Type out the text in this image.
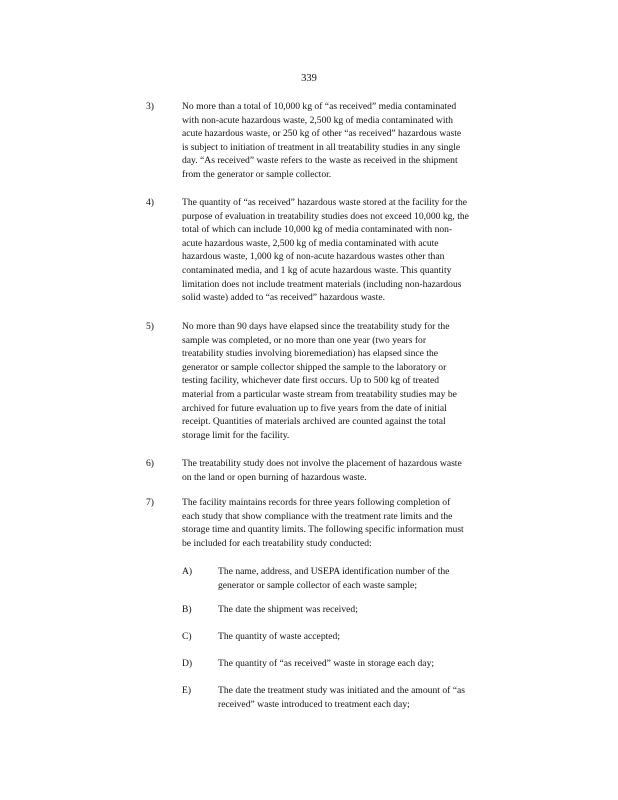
339
3)	No more than a total of 10,000 kg of “as received” media contaminated
with non-acute hazardous waste, 2,500 kg of media contaminated with
acute hazardous waste, or 250 kg of other “as received” hazardous waste
is subject to initiation of treatment in all treatability studies in any single
day. “As received” waste refers to the waste as received in the shipment
from the generator or sample collector.
4)	The quantity of “as received” hazardous waste stored at the facility for the
purpose of evaluation in treatability studies does not exceed 10,000 kg, the
total of which can include 10,000 kg of media contaminated with non-
acute hazardous waste, 2,500 kg of media contaminated with acute
hazardous waste, 1,000 kg of non-acute hazardous wastes other than
contaminated media, and 1 kg of acute hazardous waste. This quantity
limitation does not include treatment materials (including non-hazardous
solid waste) added to “as received” hazardous waste.
5)	No more than 90 days have elapsed since the treatability study for the
sample was completed, or no more than one year (two years for
treatability studies involving bioremediation) has elapsed since the
generator or sample collector shipped the sample to the laboratory or
testing facility, whichever date first occurs. Up to 500 kg of treated
material from a particular waste stream from treatability studies may be
archived for future evaluation up to five years from the date of initial
receipt. Quantities of materials archived are counted against the total
storage limit for the facility.
6)	The treatability study does not involve the placement of hazardous waste
on the land or open burning of hazardous waste.
7)	The facility maintains records for three years following completion of
each study that show compliance with the treatment rate limits and the
storage time and quantity limits. The following specific information must
be included for each treatability study conducted:
A)	The name, address, and USEPA identification number of the
generator or sample collector of each waste sample;
B)	The date the shipment was received;
C)	The quantity of waste accepted;
D)	The quantity of “as received” waste in storage each day;
E)	The date the treatment study was initiated and the amount of “as
received” waste introduced to treatment each day;
